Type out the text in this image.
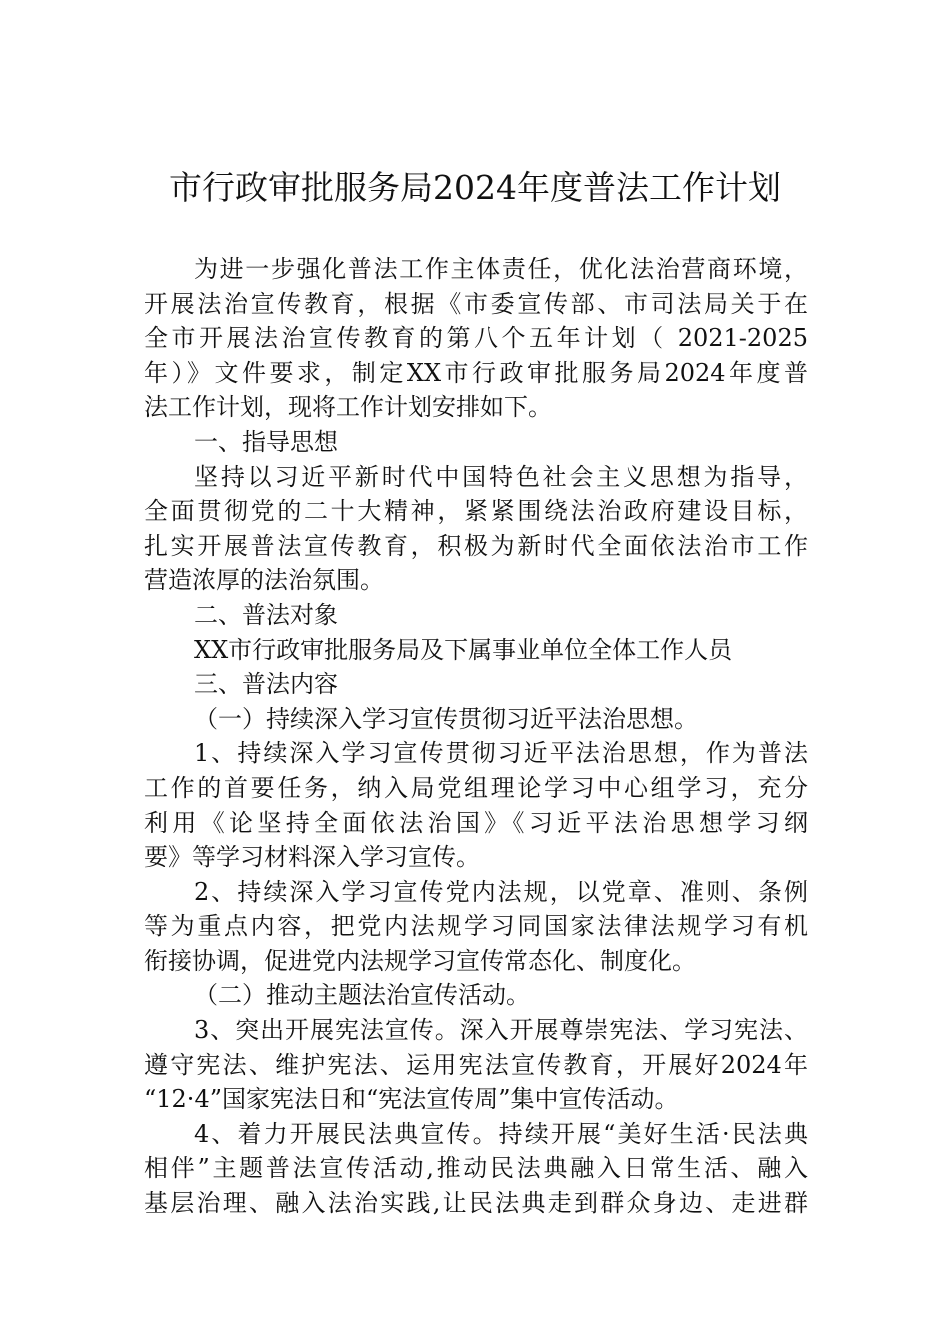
市行政审批服务局2024年度普法工作计划
为进一步强化普法工作主体责任，优化法治营商环境，
开展法治宣传教育，根据《市委宣传部、市司法局关于在
全市开展法治宣传教育的第八个五年计划（ 2021-2025
年）》文件要求，制定XX市行政审批服务局2024年度普
法工作计划，现将工作计划安排如下。
一、指导思想
坚持以习近平新时代中国特色社会主义思想为指导，
全面贯彻党的二十大精神，紧紧围绕法治政府建设目标，
扎实开展普法宣传教育，积极为新时代全面依法治市工作
营造浓厚的法治氛围。
二、普法对象
XX市行政审批服务局及下属事业单位全体工作人员
三、普法内容
（一）持续深入学习宣传贯彻习近平法治思想。
1、持续深入学习宣传贯彻习近平法治思想，作为普法
工作的首要任务，纳入局党组理论学习中心组学习，充分
利用《论坚持全面依法治国》《习近平法治思想学习纲
要》等学习材料深入学习宣传。
2、持续深入学习宣传党内法规，以党章、准则、条例
等为重点内容，把党内法规学习同国家法律法规学习有机
衔接协调，促进党内法规学习宣传常态化、制度化。
（二）推动主题法治宣传活动。
3、突出开展宪法宣传。深入开展尊崇宪法、学习宪法、
遵守宪法、维护宪法、运用宪法宣传教育，开展好2024年
“12·4”国家宪法日和“宪法宣传周”集中宣传活动。
4、着力开展民法典宣传。持续开展“美好生活·民法典
相伴”主题普法宣传活动,推动民法典融入日常生活、融入
基层治理、融入法治实践,让民法典走到群众身边、走进群
